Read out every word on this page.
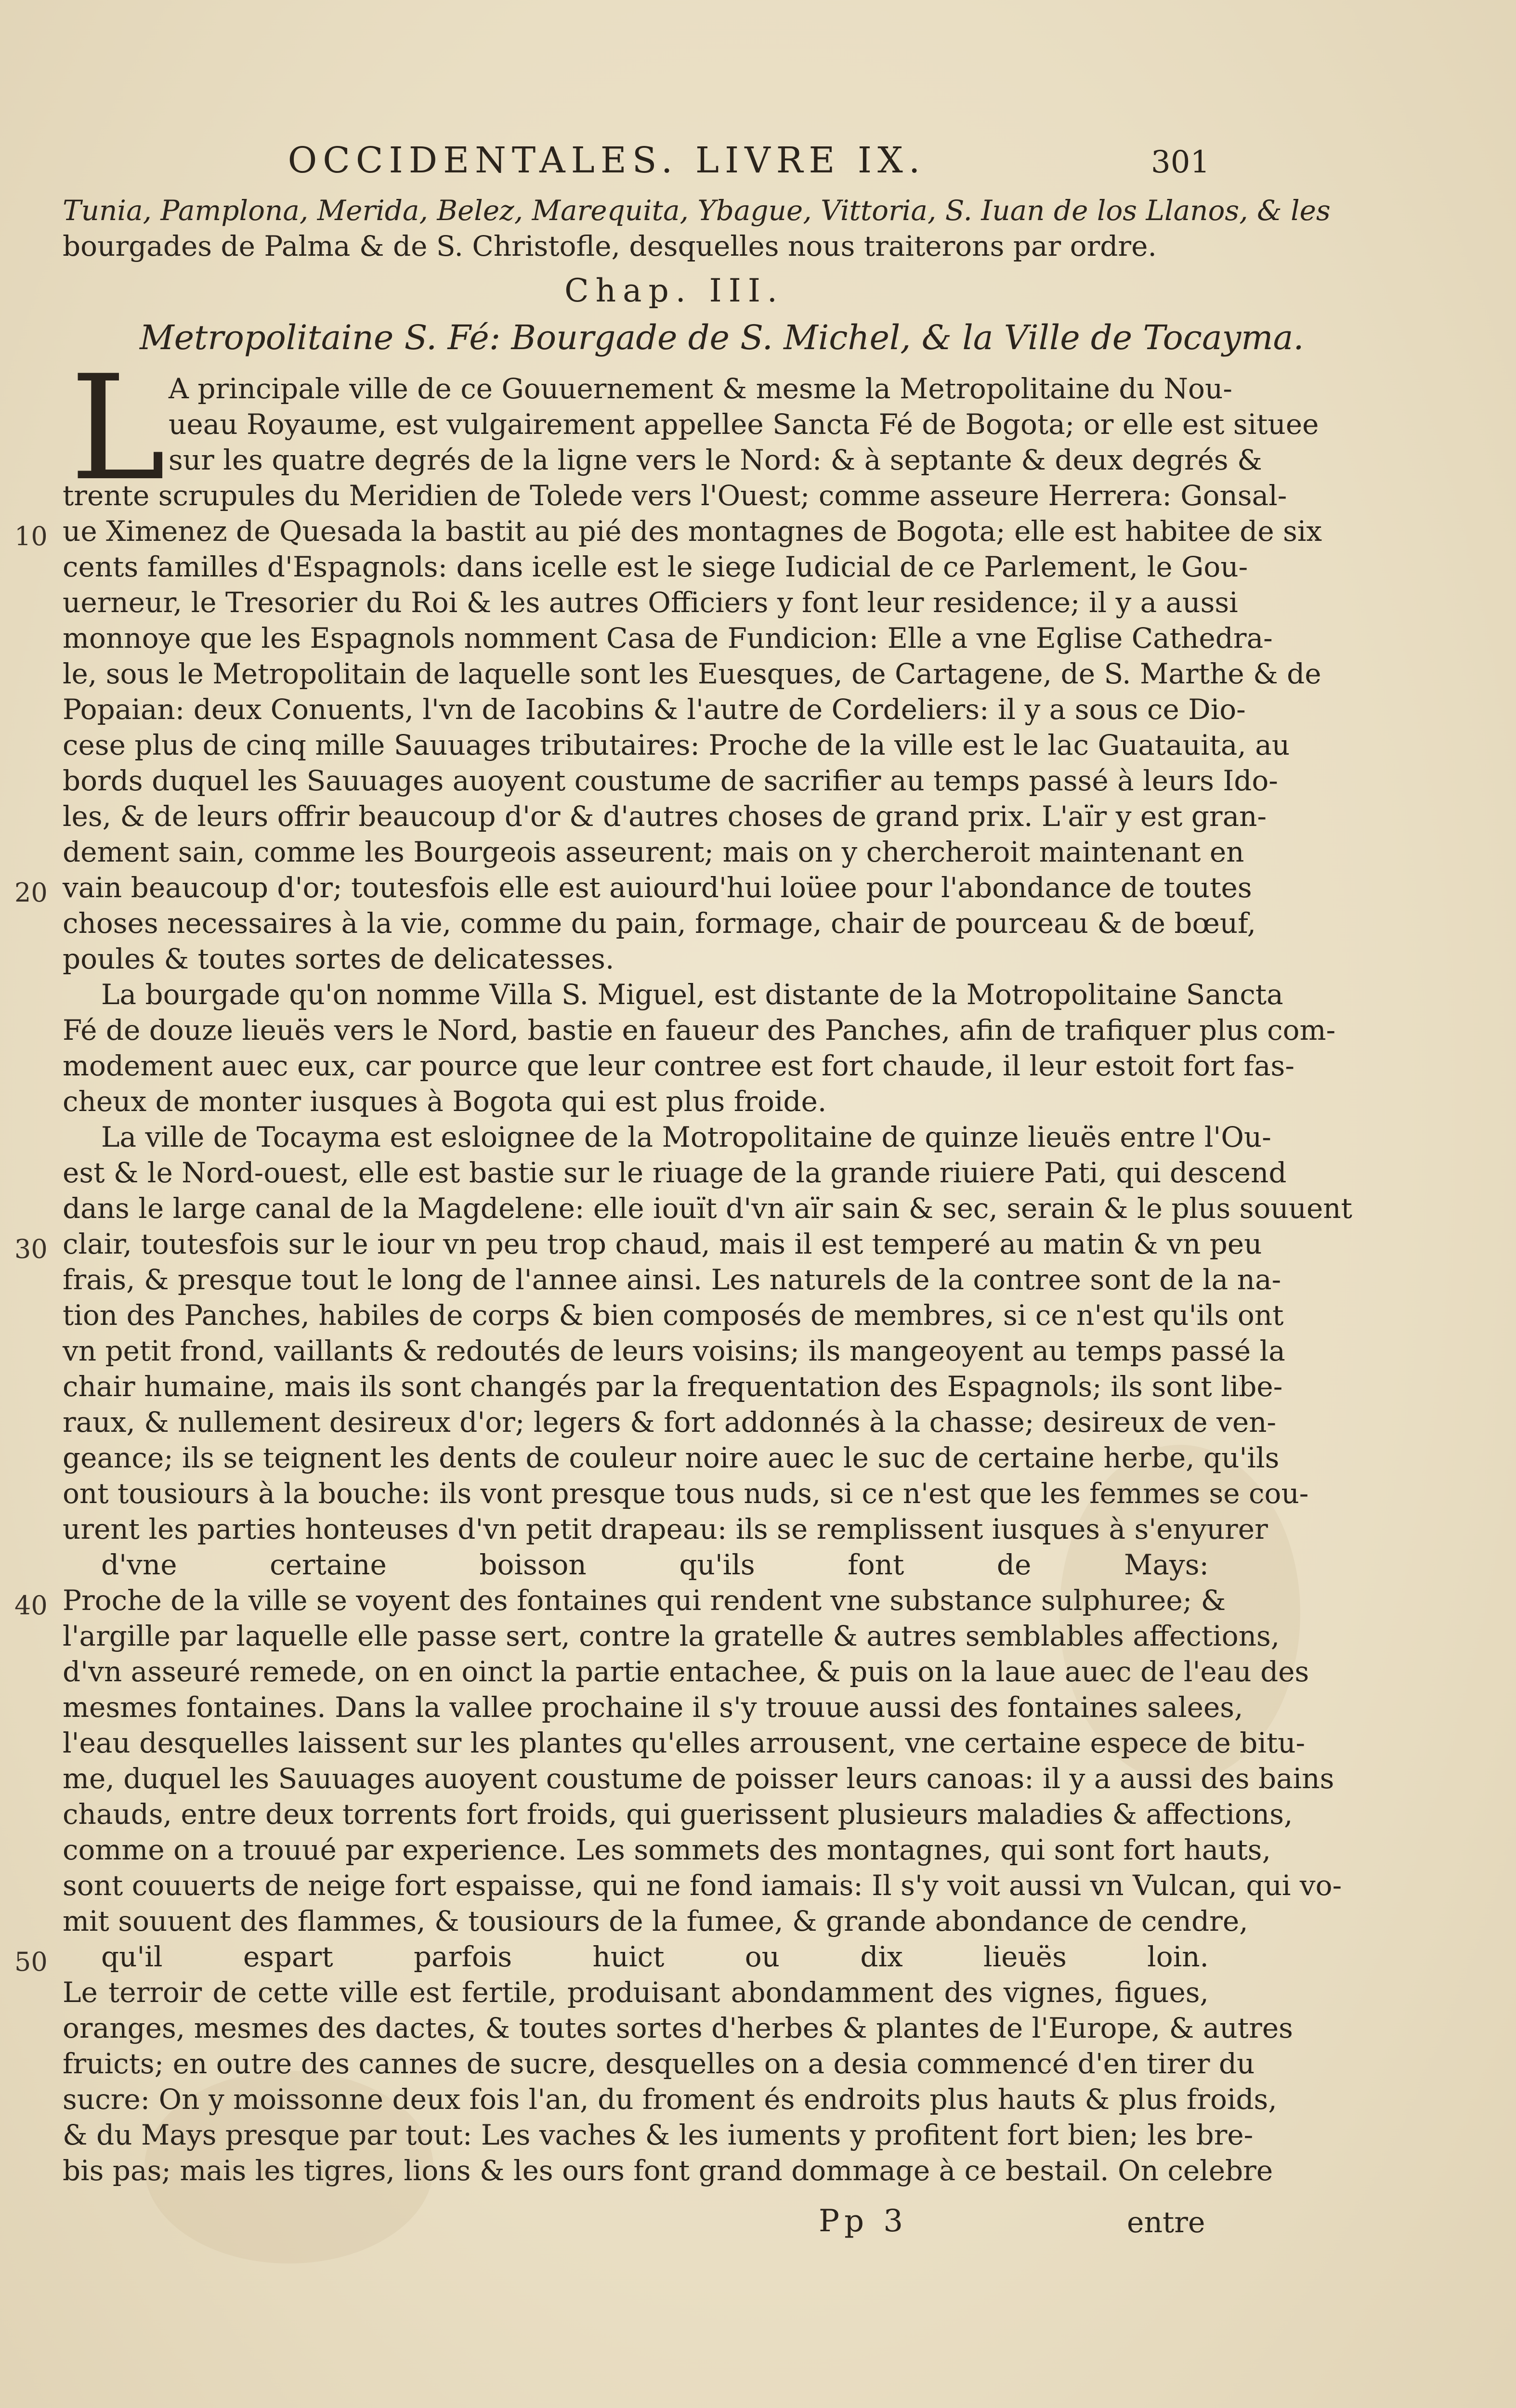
OCCIDENTALES. LIVRE IX.	301
Tunia, Pamplona, Merida, Belez, Marequita, Ybague, Vittoria, S. Iuan de los Llanos, & les
bourgades de Palma & de S. Christofle, desquelles nous traiterons par ordre.
Chap. III.
Metropolitaine S. Fé: Bourgade de S. Michel, & la Ville de Tocayma.
L A principale ville de ce Gouuernement & mesme la Metropolitaine du Nou-
ueau Royaume, est vulgairement appellee Sancta Fé de Bogota; or elle est situee
sur les quatre degrés de la ligne vers le Nord: & à septante & deux degrés &
trente scrupules du Meridien de Tolede vers l'Ouest; comme asseure Herrera: Gonsal-
ue Ximenez de Quesada la bastit au pié des montagnes de Bogota; elle est habitee de six
cents familles d'Espagnols: dans icelle est le siege Iudicial de ce Parlement, le Gou-
uerneur, le Tresorier du Roi & les autres Officiers y font leur residence; il y a aussi
monnoye que les Espagnols nomment Casa de Fundicion: Elle a vne Eglise Cathedra-
le, sous le Metropolitain de laquelle sont les Euesques, de Cartagene, de S. Marthe & de
Popaian: deux Conuents, l'vn de Iacobins & l'autre de Cordeliers: il y a sous ce Dio-
cese plus de cinq mille Sauuages tributaires: Proche de la ville est le lac Guatauita, au
bords duquel les Sauuages auoyent coustume de sacrifier au temps passé à leurs Ido-
les, & de leurs offrir beaucoup d'or & d'autres choses de grand prix. L'aïr y est gran-
dement sain, comme les Bourgeois asseurent; mais on y chercheroit maintenant en
vain beaucoup d'or; toutesfois elle est auiourd'hui loüee pour l'abondance de toutes
choses necessaires à la vie, comme du pain, formage, chair de pourceau & de bœuf,
poules & toutes sortes de delicatesses.
La bourgade qu'on nomme Villa S. Miguel, est distante de la Motropolitaine Sancta
Fé de douze lieuës vers le Nord, bastie en faueur des Panches, afin de trafiquer plus com-
modement auec eux, car pource que leur contree est fort chaude, il leur estoit fort fas-
cheux de monter iusques à Bogota qui est plus froide.
La ville de Tocayma est esloignee de la Motropolitaine de quinze lieuës entre l'Ou-
est & le Nord-ouest, elle est bastie sur le riuage de la grande riuiere Pati, qui descend
dans le large canal de la Magdelene: elle iouït d'vn aïr sain & sec, serain & le plus souuent
clair, toutesfois sur le iour vn peu trop chaud, mais il est temperé au matin & vn peu
frais, & presque tout le long de l'annee ainsi. Les naturels de la contree sont de la na-
tion des Panches, habiles de corps & bien composés de membres, si ce n'est qu'ils ont
vn petit frond, vaillants & redoutés de leurs voisins; ils mangeoyent au temps passé la
chair humaine, mais ils sont changés par la frequentation des Espagnols; ils sont libe-
raux, & nullement desireux d'or; legers & fort addonnés à la chasse; desireux de ven-
geance; ils se teignent les dents de couleur noire auec le suc de certaine herbe, qu'ils
ont tousiours à la bouche: ils vont presque tous nuds, si ce n'est que les femmes se cou-
urent les parties honteuses d'vn petit drapeau: ils se remplissent iusques à s'enyurer
d'vne certaine boisson qu'ils font de Mays:
Proche de la ville se voyent des fontaines qui rendent vne substance sulphuree; &
l'argille par laquelle elle passe sert, contre la gratelle & autres semblables affections,
d'vn asseuré remede, on en oinct la partie entachee, & puis on la laue auec de l'eau des
mesmes fontaines. Dans la vallee prochaine il s'y trouue aussi des fontaines salees,
l'eau desquelles laissent sur les plantes qu'elles arrousent, vne certaine espece de bitu-
me, duquel les Sauuages auoyent coustume de poisser leurs canoas: il y a aussi des bains
chauds, entre deux torrents fort froids, qui guerissent plusieurs maladies & affections,
comme on a trouué par experience. Les sommets des montagnes, qui sont fort hauts,
sont couuerts de neige fort espaisse, qui ne fond iamais: Il s'y voit aussi vn Vulcan, qui vo-
mit souuent des flammes, & tousiours de la fumee, & grande abondance de cendre,
qu'il espart parfois huict ou dix lieuës loin.
Le terroir de cette ville est fertile, produisant abondamment des vignes, figues,
oranges, mesmes des dactes, & toutes sortes d'herbes & plantes de l'Europe, & autres
fruicts; en outre des cannes de sucre, desquelles on a desia commencé d'en tirer du
sucre: On y moissonne deux fois l'an, du froment és endroits plus hauts & plus froids,
& du Mays presque par tout: Les vaches & les iuments y profitent fort bien; les bre-
bis pas; mais les tigres, lions & les ours font grand dommage à ce bestail. On celebre
10
20
30
40
50
Pp 3	entre
